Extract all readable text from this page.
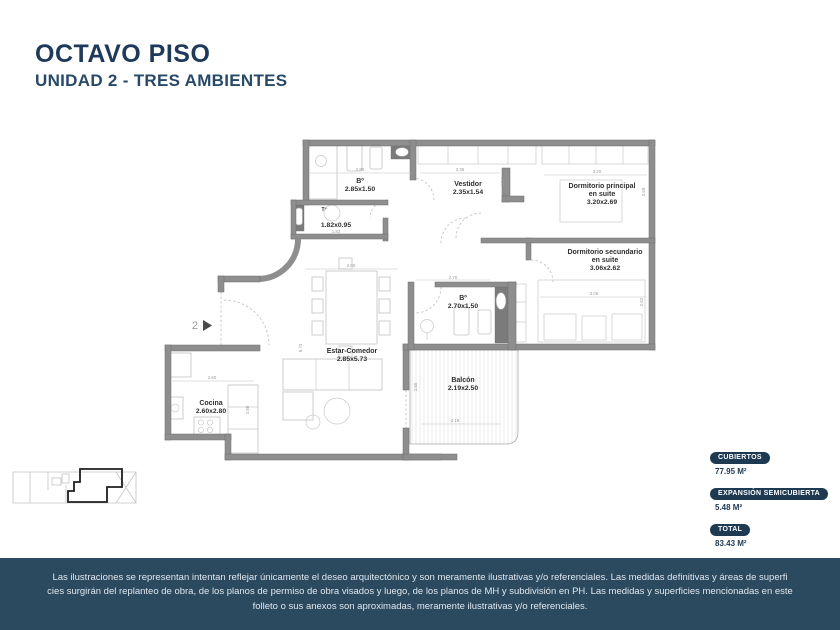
OCTAVO PISO
UNIDAD 2 - TRES AMBIENTES
2.85	2.35
1.54
3.20
2.69
3.06
2.62
2.05
5.73
1.82
2.70
2.60
2.80
2.19
2.50
Bº
2.85x1.50
Vestidor
2.35x1.54
Dormitorio principal
en suite
3.20x2.69
Dormitorio secundario
en suite
3.06x2.62
Tº
1.82x0.95
Bº
2.70x1.50
Estar-Comedor
2.85x5.73
Balcón
2.19x2.50
Cocina
2.60x2.80
2
CUBIERTOS
77.95 M²
EXPANSIÓN SEMICUBIERTA
5.48 M²
TOTAL
83.43 M²
Las ilustraciones se representan intentan reflejar únicamente el deseo arquitectónico y son meramente ilustrativas y/o referenciales. Las medidas definitivas y áreas de superfi
cies surgirán del replanteo de obra, de los planos de permiso de obra visados y luego, de los planos de MH y subdivisión en PH. Las medidas y superficies mencionadas en este
folleto o sus anexos son aproximadas, meramente ilustrativas y/o referenciales.
